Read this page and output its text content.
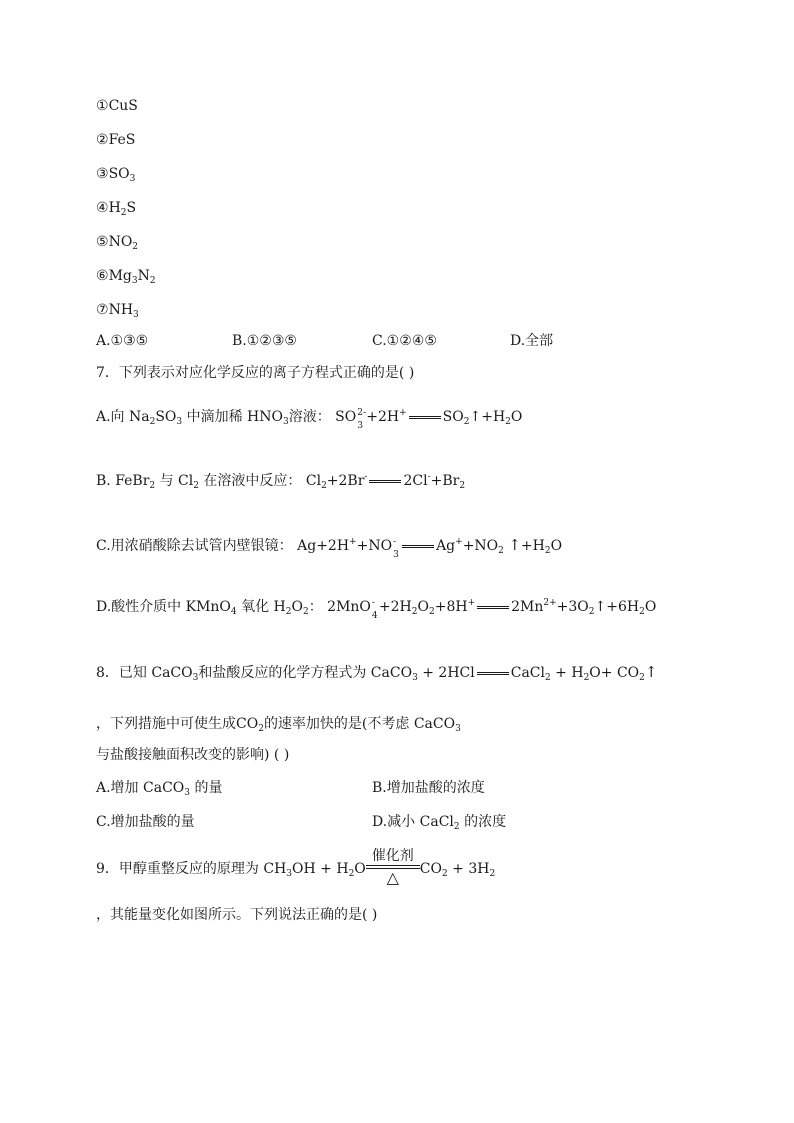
①CuS
②FeS
$③SO_3$
$④H_2S$
$⑤NO_2$
$⑥Mg_3N_2$
$⑦NH_3$
A.①③⑤	B.①②③⑤	C.①②④⑤	D.全部
7．下列表示对应化学反应的离子方程式正确的是( )
A.向 $Na_2SO_3$ 中滴加稀 $HNO_3$溶液： SO 2-
3
+2H+	$SO_2↑+H_2O$
B. FeBr$_2$ 与 $Cl_2$ 在溶液中反应： $Cl_2+2Br^-$	$2Cl^-+Br_2$
C.用浓硝酸除去试管内壁银镜： Ag+2H++NO -
3
$Ag^++NO_2$ $↑+H_2O$
D.酸性介质中 KMnO$_4$ 氧化 $H_2O_2$： 2MnO -
4
$+2H_2O_2+8H^+$	$2Mn^{2+}+3O_2↑+6H_2O$
8．已知 CaCO$_3$和盐酸反应的化学方程式为 CaCO$_3$ + 2HCl	CaCl$_2$ + $H_2O+$ $CO_2↑$
，下列措施中可使生成$CO_2$的速率加快的是(不考虑 CaCO$_3$
与盐酸接触面积改变的影响) ( )
A.增加 CaCO$_3$ 的量	B.增加盐酸的浓度
C.增加盐酸的量	D.减小 CaCl$_2$ 的浓度
9．甲醇重整反应的原理为 $CH_3OH + H_2O$
催化剂
△	$CO_2 + 3H_2$
，其能量变化如图所示。下列说法正确的是( )
